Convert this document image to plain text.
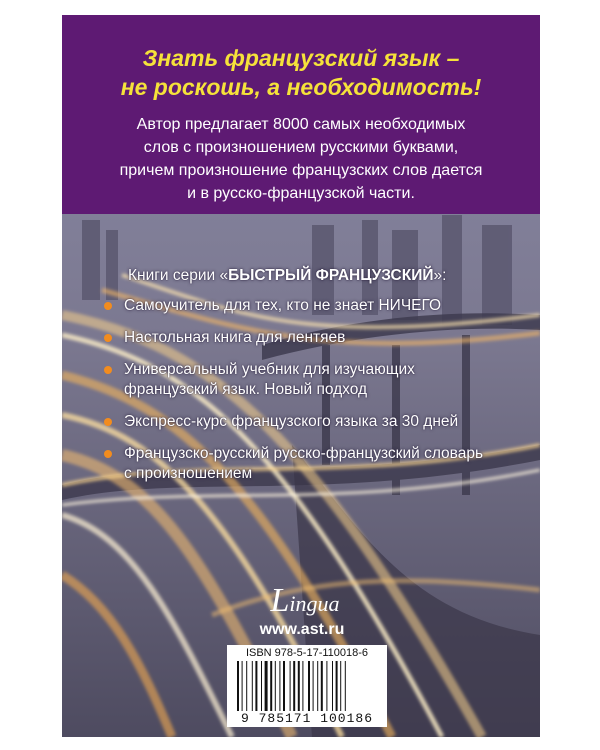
Знать французский язык –

не роскошь, а необходимость!

Автор предлагает 8000 самых необходимых
слов с произношением русскими буквами,
причем произношение французских слов дается
и в русско-французской части.
Книги серии «БЫСТРЫЙ ФРАНЦУЗСКИЙ»:
Самоучитель для тех, кто не знает НИЧЕГО
Настольная книга для лентяев
Универсальный учебник для изучающих
французский язык. Новый подход
Экспресс-курс французского языка за 30 дней
Французско-русский русско-французский словарь
с произношением
Lingua
www.ast.ru
ISBN 978-5-17-110018-6
9 785171 100186
